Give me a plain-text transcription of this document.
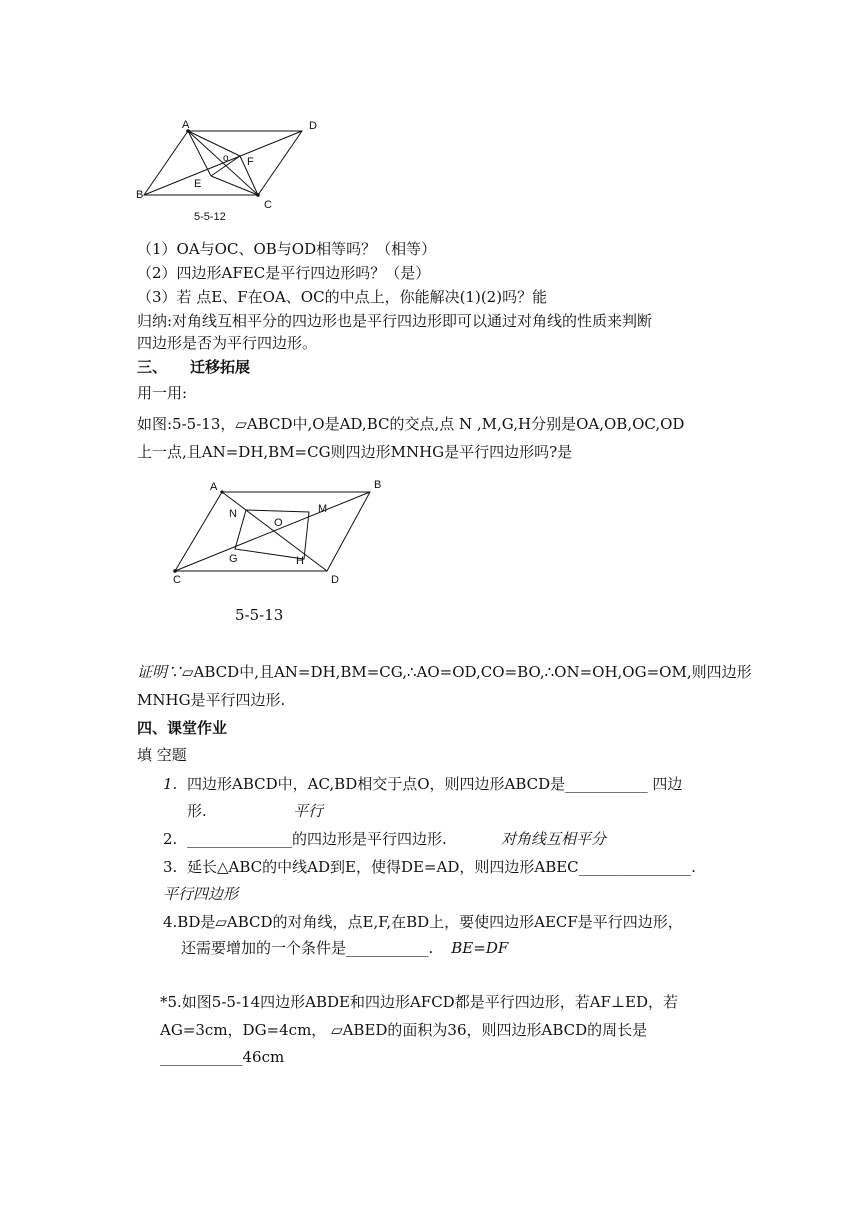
A	D
B
C
o
E
F
5-5-12
（1）OA与OC、OB与OD相等吗？（相等）
（2）四边形AFEC是平行四边形吗？（是）
（3）若 点E、F在OA、OC的中点上，你能解决(1)(2)吗？能
归纳:对角线互相平分的四边形也是平行四边形即可以通过对角线的性质来判断
四边形是否为平行四边形。
三、 迁移拓展
用一用:
如图:5-5-13，▱ABCD中,O是AD,BC的交点,点 N ,M,G,H分别是OA,OB,OC,OD
上一点,且AN=DH,BM=CG则四边形MNHG是平行四边形吗?是
A	B
C	D
N	M
O
G	H
5-5-13
证明∵▱ABCD中,且AN=DH,BM=CG,∴AO=OD,CO=BO,∴ON=OH,OG=OM,则四边形
MNHG是平行四边形.
四、课堂作业
填 空题
1. 四边形ABCD中，AC,BD相交于点O，则四边形ABCD是___________ 四边
形.	平行
2. ______________的四边形是平行四边形.	对角线互相平分
3. 延长△ABC的中线AD到E，使得DE=AD，则四边形ABEC_______________.
平行四边形
4.BD是▱ABCD的对角线，点E,F,在BD上，要使四边形AECF是平行四边形，
还需要增加的一个条件是___________. BE=DF
*5.如图5-5-14四边形ABDE和四边形AFCD都是平行四边形，若AF⊥ED，若
AG=3cm，DG=4cm， ▱ABED的面积为36，则四边形ABCD的周长是
___________46cm
